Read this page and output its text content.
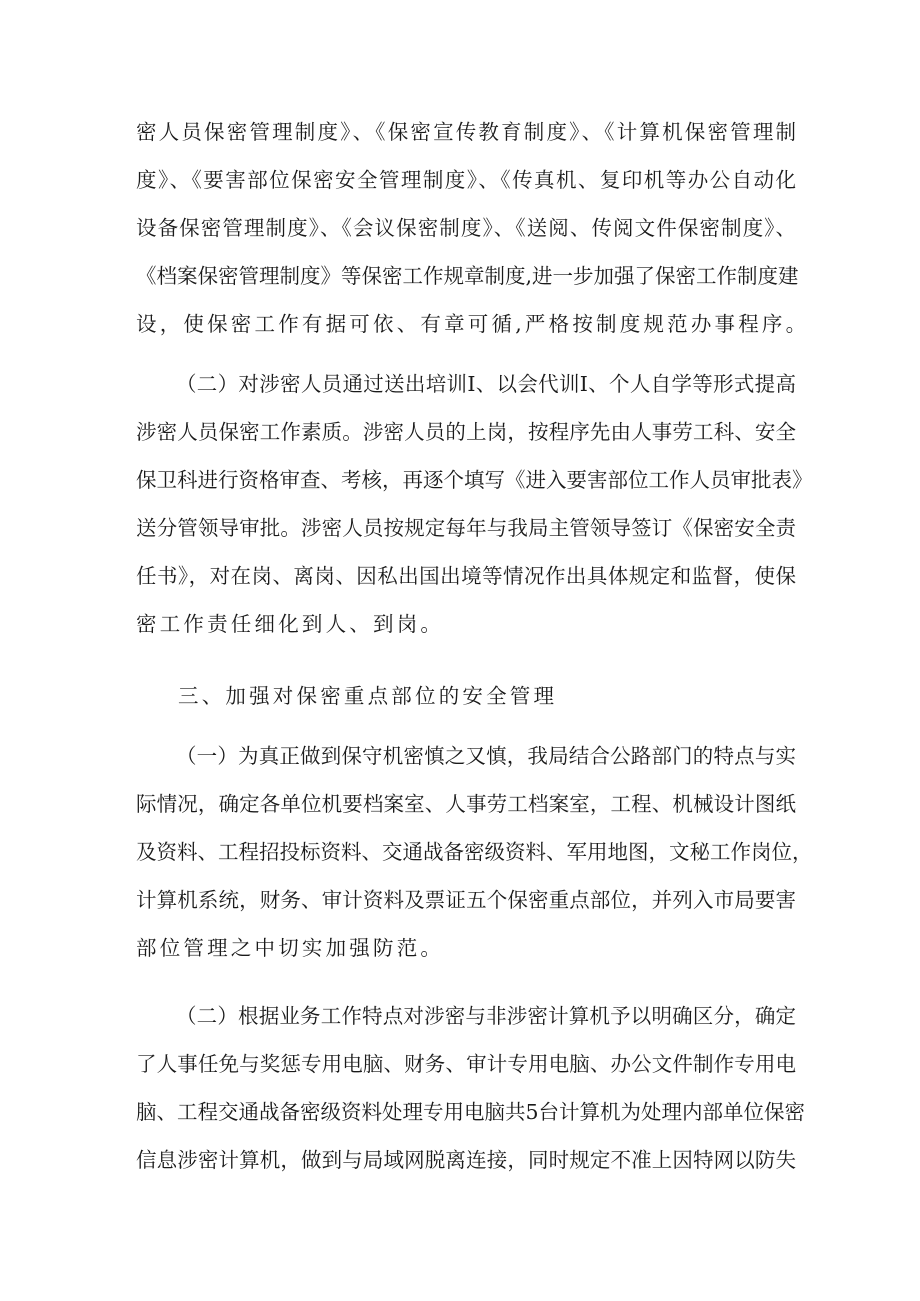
密人员保密管理制度》、《保密宣传教育制度》、《计算机保密管理制
度》、《要害部位保密安全管理制度》、《传真机、复印机等办公自动化
设备保密管理制度》、《会议保密制度》、《送阅、传阅文件保密制度》、
《档案保密管理制度》等保密工作规章制度,进一步加强了保密工作制度建
设，使保密工作有据可依、有章可循,严格按制度规范办事程序。
（二）对涉密人员通过送出培训I、以会代训I、个人自学等形式提高
涉密人员保密工作素质。涉密人员的上岗，按程序先由人事劳工科、安全
保卫科进行资格审查、考核，再逐个填写《进入要害部位工作人员审批表》
送分管领导审批。涉密人员按规定每年与我局主管领导签订《保密安全责
任书》，对在岗、离岗、因私出国出境等情况作出具体规定和监督，使保
密工作责任细化到人、到岗。
三、加强对保密重点部位的安全管理
（一）为真正做到保守机密慎之又慎，我局结合公路部门的特点与实
际情况，确定各单位机要档案室、人事劳工档案室，工程、机械设计图纸
及资料、工程招投标资料、交通战备密级资料、军用地图，文秘工作岗位，
计算机系统，财务、审计资料及票证五个保密重点部位，并列入市局要害
部位管理之中切实加强防范。
（二）根据业务工作特点对涉密与非涉密计算机予以明确区分，确定
了人事任免与奖惩专用电脑、财务、审计专用电脑、办公文件制作专用电
脑、工程交通战备密级资料处理专用电脑共5台计算机为处理内部单位保密
信息涉密计算机，做到与局域网脱离连接，同时规定不准上因特网以防失
